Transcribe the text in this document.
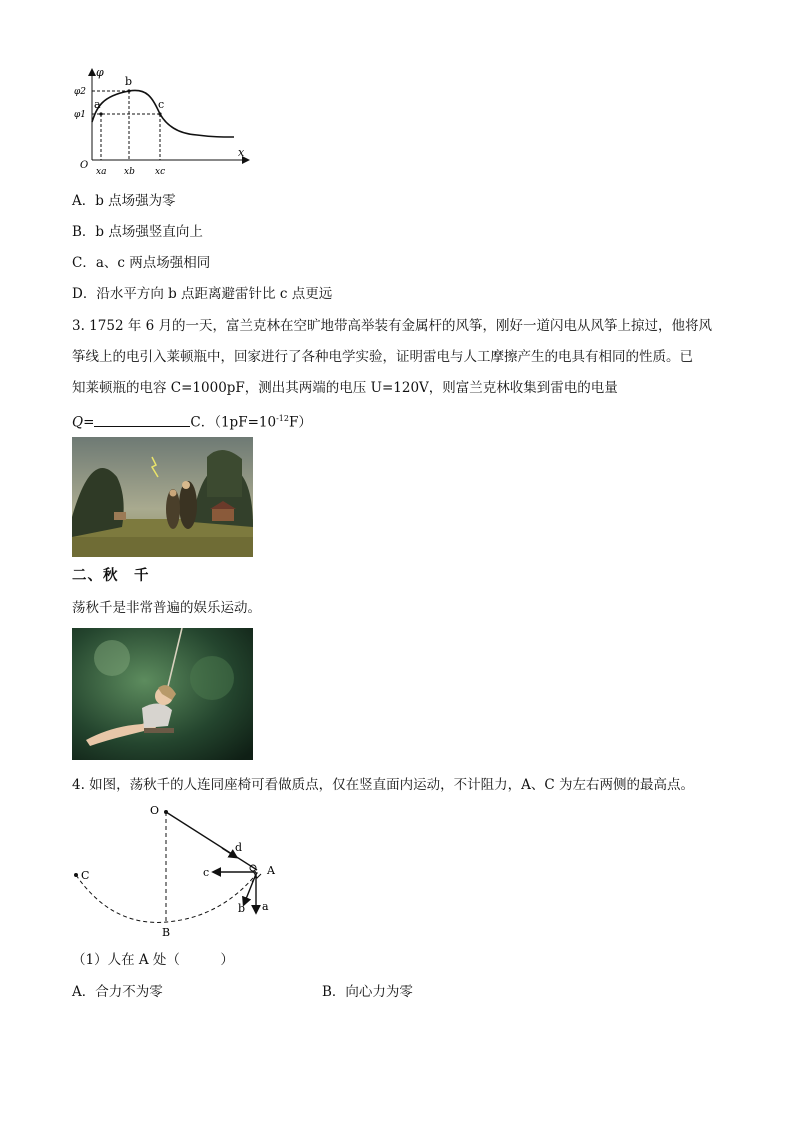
φ
x
O
φ2
φ1
a
b
c
xa xb xc
A．b 点场强为零
B．b 点场强竖直向上
C．a、c 两点场强相同
D．沿水平方向 b 点距离避雷针比 c 点更远
3. 1752 年 6 月的一天，富兰克林在空旷地带高举装有金属杆的风筝，刚好一道闪电从风筝上掠过，他将风
筝线上的电引入莱顿瓶中，回家进行了各种电学实验，证明雷电与人工摩擦产生的电具有相同的性质。已
知莱顿瓶的电容 C=1000pF，测出其两端的电压 U=120V，则富兰克林收集到雷电的电量
Q=	C．$(1pF=10^{-12}F)$
二、秋　千
荡秋千是非常普遍的娱乐运动。
4. 如图，荡秋千的人连同座椅可看做质点，仅在竖直面内运动，不计阻力，A、C 为左右两侧的最高点。
O
A
B
C
a
b
c
d
（1）人在 A 处（　　　）
A．合力不为零	B．向心力为零
